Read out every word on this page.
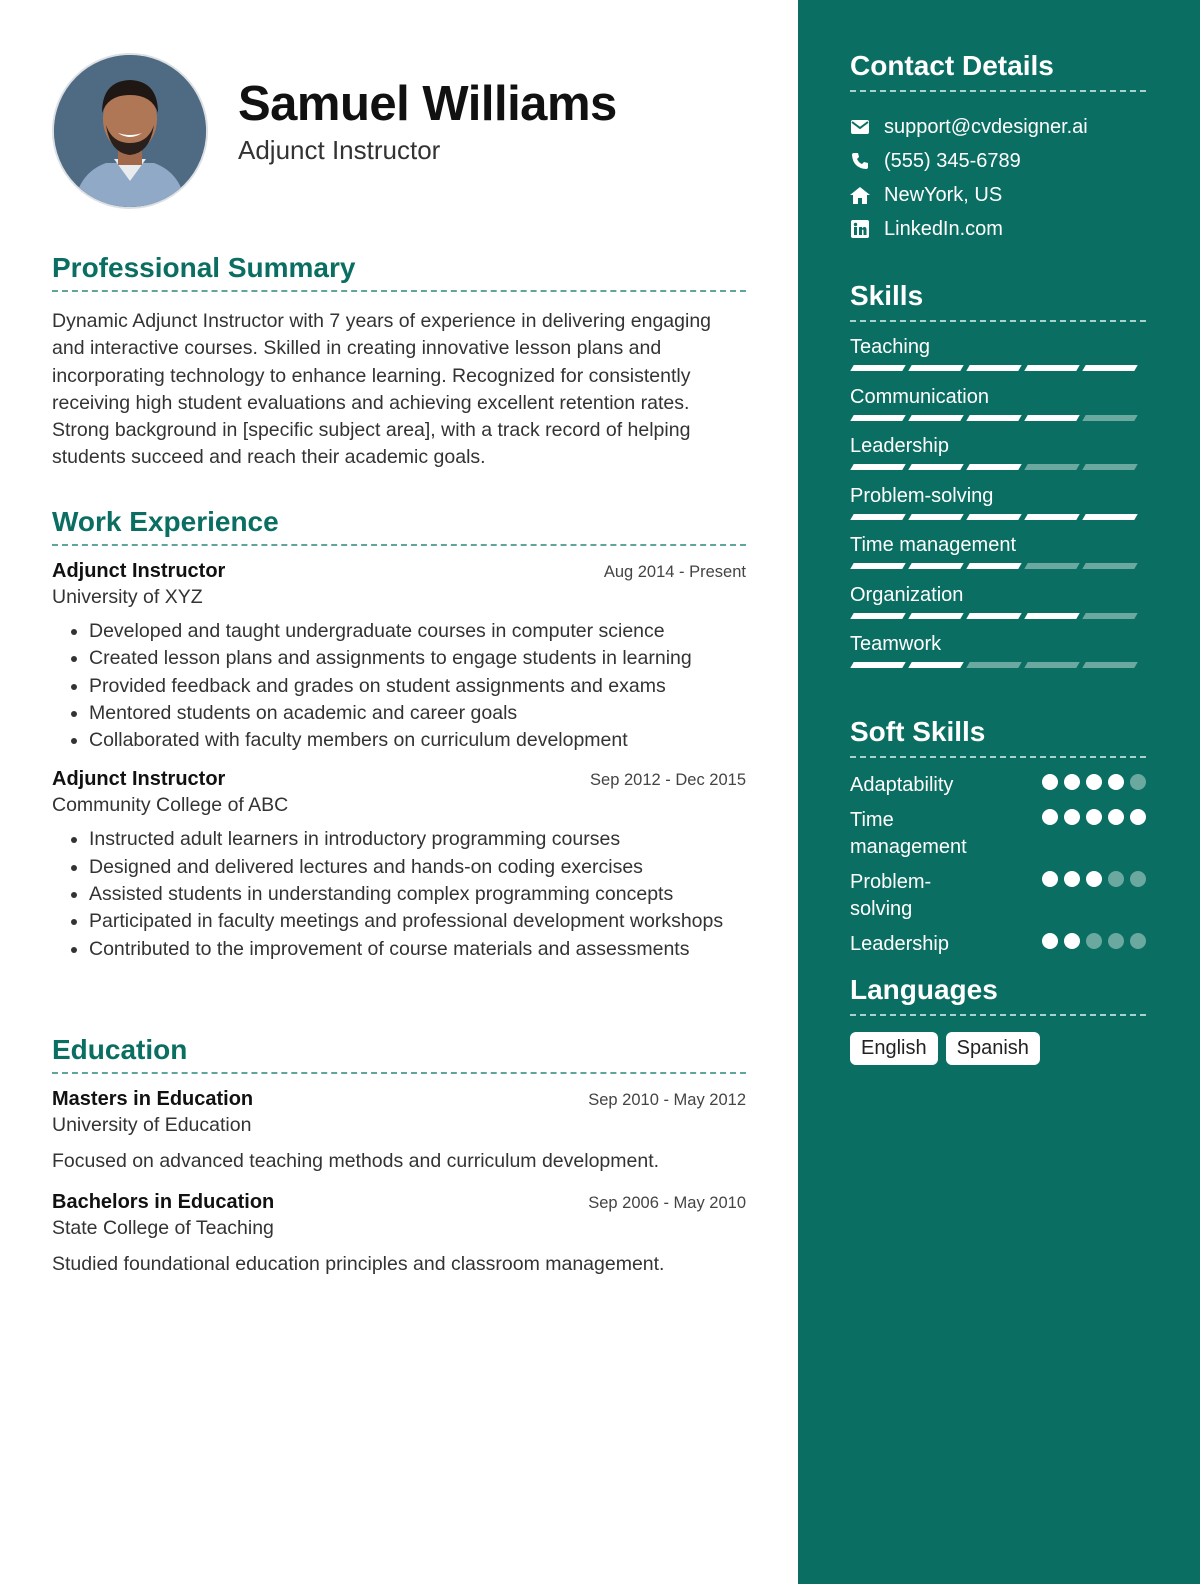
Samuel Williams
Adjunct Instructor
Professional Summary
Dynamic Adjunct Instructor with 7 years of experience in delivering engaging and interactive courses. Skilled in creating innovative lesson plans and incorporating technology to enhance learning. Recognized for consistently receiving high student evaluations and achieving excellent retention rates. Strong background in [specific subject area], with a track record of helping students succeed and reach their academic goals.
Work Experience
Adjunct Instructor	Aug 2014 - Present
University of XYZ
• Developed and taught undergraduate courses in computer science
• Created lesson plans and assignments to engage students in learning
• Provided feedback and grades on student assignments and exams
• Mentored students on academic and career goals
• Collaborated with faculty members on curriculum development
Adjunct Instructor	Sep 2012 - Dec 2015
Community College of ABC
• Instructed adult learners in introductory programming courses
• Designed and delivered lectures and hands-on coding exercises
• Assisted students in understanding complex programming concepts
• Participated in faculty meetings and professional development workshops
• Contributed to the improvement of course materials and assessments
Education
Masters in Education	Sep 2010 - May 2012
University of Education
Focused on advanced teaching methods and curriculum development.
Bachelors in Education	Sep 2006 - May 2010
State College of Teaching
Studied foundational education principles and classroom management.
Contact Details
support@cvdesigner.ai
(555) 345-6789
NewYork, US
LinkedIn.com
Skills
Teaching
Communication
Leadership
Problem-solving
Time management
Organization
Teamwork
Soft Skills
Adaptability
Time management
Problem-solving
Leadership
Languages
English	Spanish
